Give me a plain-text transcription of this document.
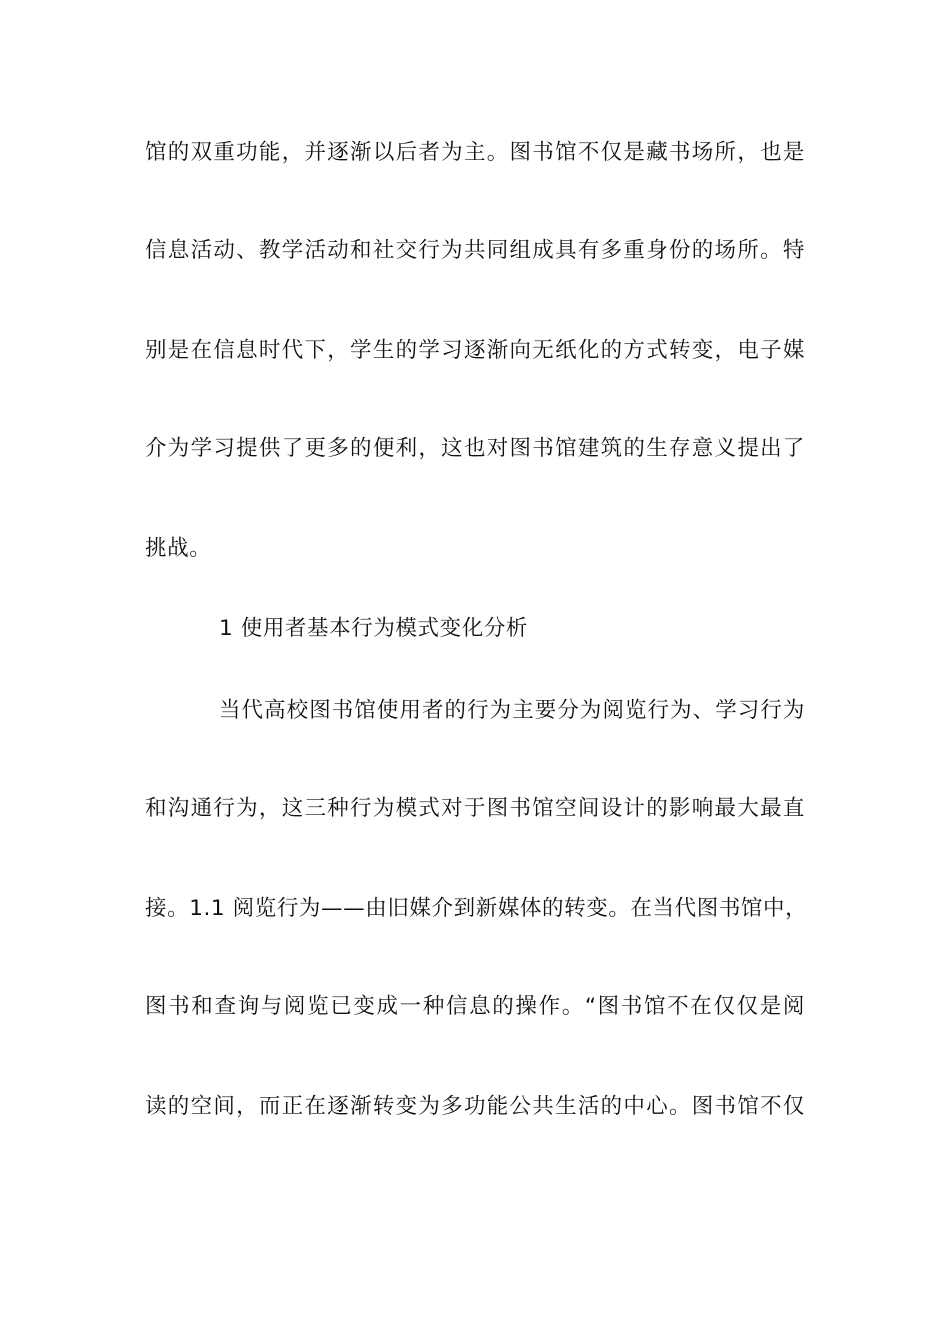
馆的双重功能，并逐渐以后者为主。图书馆不仅是藏书场所，也是
信息活动、教学活动和社交行为共同组成具有多重身份的场所。特
别是在信息时代下，学生的学习逐渐向无纸化的方式转变，电子媒
介为学习提供了更多的便利，这也对图书馆建筑的生存意义提出了
挑战。
1 使用者基本行为模式变化分析
当代高校图书馆使用者的行为主要分为阅览行为、学习行为
和沟通行为，这三种行为模式对于图书馆空间设计的影响最大最直
接。1.1 阅览行为——由旧媒介到新媒体的转变。在当代图书馆中，
图书和查询与阅览已变成一种信息的操作。“图书馆不在仅仅是阅
读的空间，而正在逐渐转变为多功能公共生活的中心。图书馆不仅
